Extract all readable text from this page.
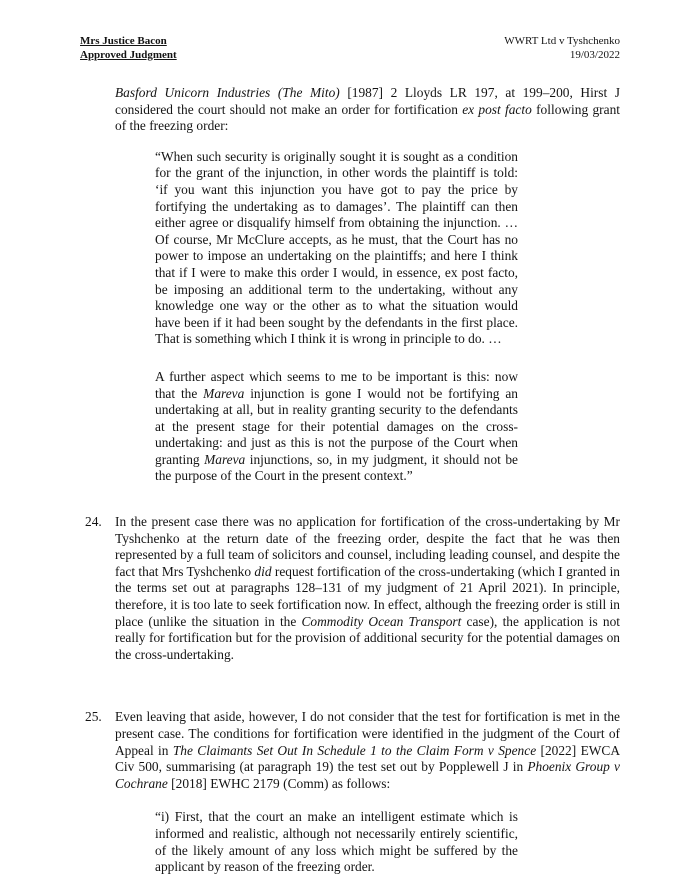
Mrs Justice Bacon
Approved Judgment
WWRT Ltd v Tyshchenko
19/03/2022
Basford Unicorn Industries (The Mito) [1987] 2 Lloyds LR 197, at 199–200, Hirst J considered the court should not make an order for fortification ex post facto following grant of the freezing order:
“When such security is originally sought it is sought as a condition for the grant of the injunction, in other words the plaintiff is told: ‘if you want this injunction you have got to pay the price by fortifying the undertaking as to damages’. The plaintiff can then either agree or disqualify himself from obtaining the injunction. … Of course, Mr McClure accepts, as he must, that the Court has no power to impose an undertaking on the plaintiffs; and here I think that if I were to make this order I would, in essence, ex post facto, be imposing an additional term to the undertaking, without any knowledge one way or the other as to what the situation would have been if it had been sought by the defendants in the first place. That is something which I think it is wrong in principle to do. …
A further aspect which seems to me to be important is this: now that the Mareva injunction is gone I would not be fortifying an undertaking at all, but in reality granting security to the defendants at the present stage for their potential damages on the cross-undertaking: and just as this is not the purpose of the Court when granting Mareva injunctions, so, in my judgment, it should not be the purpose of the Court in the present context.”
24. In the present case there was no application for fortification of the cross-undertaking by Mr Tyshchenko at the return date of the freezing order, despite the fact that he was then represented by a full team of solicitors and counsel, including leading counsel, and despite the fact that Mrs Tyshchenko did request fortification of the cross-undertaking (which I granted in the terms set out at paragraphs 128–131 of my judgment of 21 April 2021). In principle, therefore, it is too late to seek fortification now. In effect, although the freezing order is still in place (unlike the situation in the Commodity Ocean Transport case), the application is not really for fortification but for the provision of additional security for the potential damages on the cross-undertaking.
25. Even leaving that aside, however, I do not consider that the test for fortification is met in the present case. The conditions for fortification were identified in the judgment of the Court of Appeal in The Claimants Set Out In Schedule 1 to the Claim Form v Spence [2022] EWCA Civ 500, summarising (at paragraph 19) the test set out by Popplewell J in Phoenix Group v Cochrane [2018] EWHC 2179 (Comm) as follows:
“i) First, that the court an make an intelligent estimate which is informed and realistic, although not necessarily entirely scientific, of the likely amount of any loss which might be suffered by the applicant by reason of the freezing order.
